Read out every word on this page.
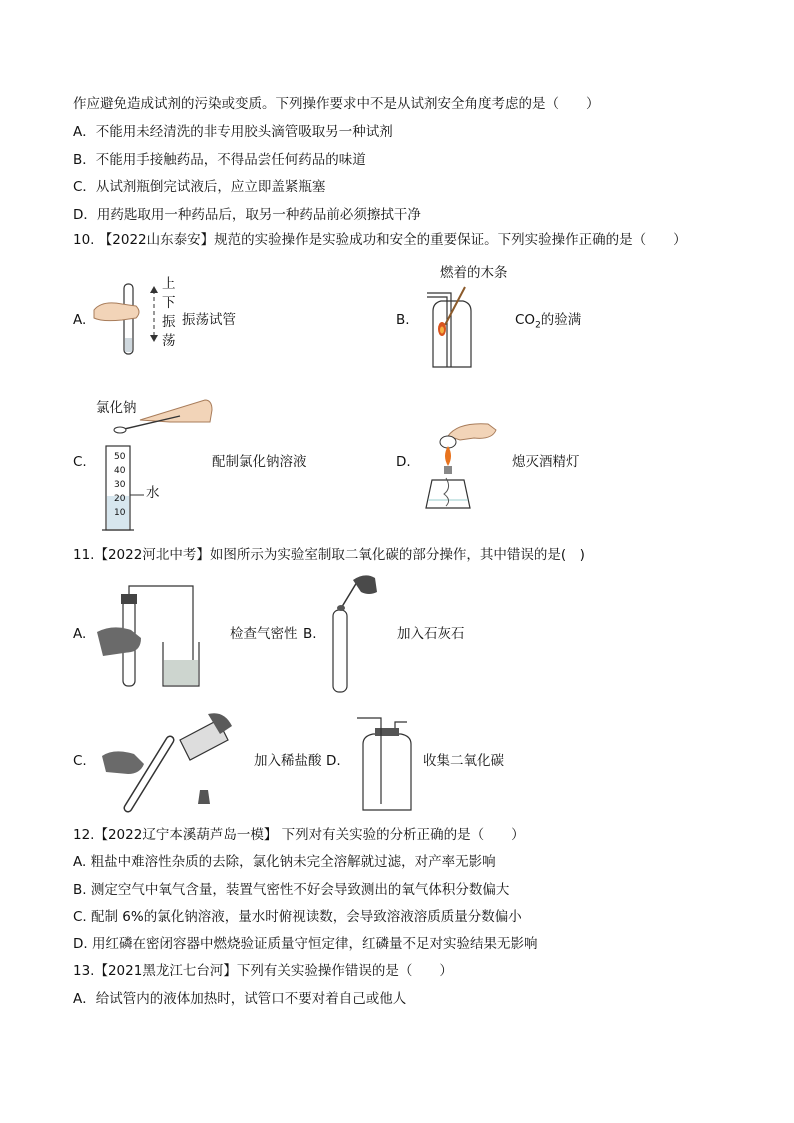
作应避免造成试剂的污染或变质。下列操作要求中不是从试剂安全角度考虑的是（　　）
A．不能用未经清洗的非专用胶头滴管吸取另一种试剂
B．不能用手接触药品，不得品尝任何药品的味道
C．从试剂瓶倒完试液后，应立即盖紧瓶塞
D．用药匙取用一种药品后，取另一种药品前必须擦拭干净
10. 【2022山东泰安】规范的实验操作是实验成功和安全的重要保证。下列实验操作正确的是（　　）
A.
上
下
振
荡
振荡试管
燃着的木条
B.	$CO_2$的验满
氯化钠
C.	50
40
30
20
10
水
配制氯化钠溶液	D.	熄灭酒精灯
11.【2022河北中考】如图所示为实验室制取二氧化碳的部分操作，其中错误的是(　)
A.	检查气密性 B.	加入石灰石
C.	加入稀盐酸 D.	收集二氧化碳
12.【2022辽宁本溪葫芦岛一模】 下列对有关实验的分析正确的是（　　）
A. 粗盐中难溶性杂质的去除，氯化钠未完全溶解就过滤，对产率无影响
B. 测定空气中氧气含量，装置气密性不好会导致测出的氧气体积分数偏大
C. 配制 6%的氯化钠溶液，量水时俯视读数，会导致溶液溶质质量分数偏小
D. 用红磷在密闭容器中燃烧验证质量守恒定律，红磷量不足对实验结果无影响
13.【2021黑龙江七台河】下列有关实验操作错误的是（　　）
A．给试管内的液体加热时，试管口不要对着自己或他人
